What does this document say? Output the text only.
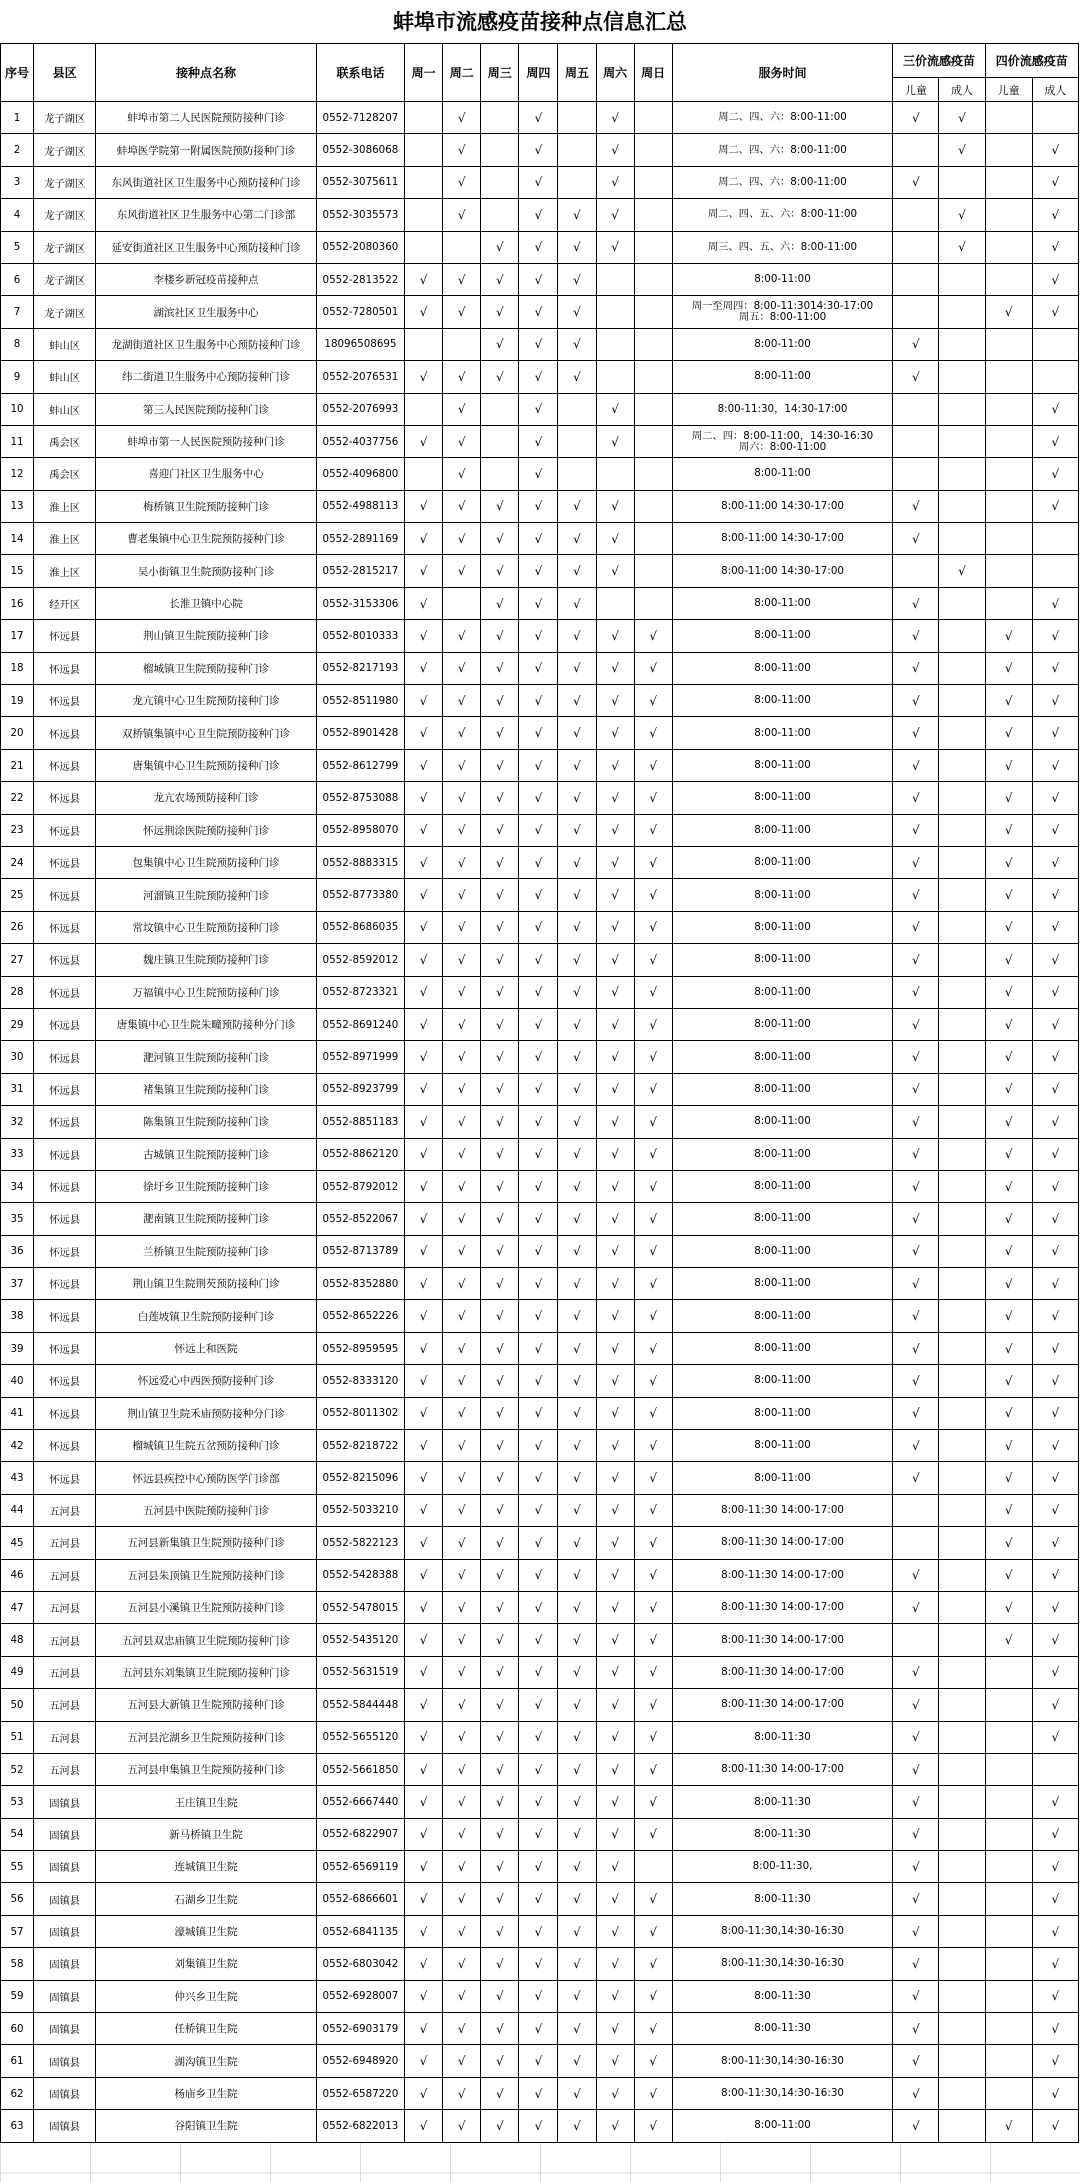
蚌埠市流感疫苗接种点信息汇总
序号	县区	接种点名称	联系电话	周一	周二	周三	周四	周五	周六	周日	服务时间	三价流感疫苗		四价流感疫苗	
												儿童	成人	儿童	成人
1	龙子湖区	蚌埠市第二人民医院预防接种门诊	0552-7128207		√		√		√		周二、四、六：8:00-11:00	√	√		
2	龙子湖区	蚌埠医学院第一附属医院预防接种门诊	0552-3086068		√		√		√		周二、四、六：8:00-11:00		√		√
3	龙子湖区	东风街道社区卫生服务中心预防接种门诊	0552-3075611		√		√		√		周二、四、六：8:00-11:00	√			√
4	龙子湖区	东风街道社区卫生服务中心第二门诊部	0552-3035573		√		√	√	√		周二、四、五、六：8:00-11:00		√		√
5	龙子湖区	延安街道社区卫生服务中心预防接种门诊	0552-2080360			√	√	√	√		周三、四、五、六：8:00-11:00		√		√
6	龙子湖区	李楼乡新冠疫苗接种点	0552-2813522	√	√	√	√	√			8:00-11:00				√
7	龙子湖区	湖滨社区卫生服务中心	0552-7280501	√	√	√	√	√			周一至周四：8:00-11:3014:30-17:00
周五：8:00-11:00			√	√
8	蚌山区	龙湖街道社区卫生服务中心预防接种门诊	18096508695			√	√	√			8:00-11:00	√			
9	蚌山区	纬二街道卫生服务中心预防接种门诊	0552-2076531	√	√	√	√	√			8:00-11:00	√			
10	蚌山区	第三人民医院预防接种门诊	0552-2076993		√		√		√		8:00-11:30，14:30-17:00				√
11	禹会区	蚌埠市第一人民医院预防接种门诊	0552-4037756	√	√		√		√		周二、四：8:00-11:00，14:30-16:30
周六：8:00-11:00				√
12	禹会区	喜迎门社区卫生服务中心	0552-4096800		√		√				8:00-11:00				√
13	淮上区	梅桥镇卫生院预防接种门诊	0552-4988113	√	√	√	√	√	√		8:00-11:00 14:30-17:00	√			√
14	淮上区	曹老集镇中心卫生院预防接种门诊	0552-2891169	√	√	√	√	√	√		8:00-11:00 14:30-17:00	√			
15	淮上区	吴小街镇卫生院预防接种门诊	0552-2815217	√	√	√	√	√	√		8:00-11:00 14:30-17:00		√		
16	经开区	长淮卫镇中心院	0552-3153306	√		√	√	√			8:00-11:00	√			√
17	怀远县	荆山镇卫生院预防接种门诊	0552-8010333	√	√	√	√	√	√	√	8:00-11:00	√		√	√
18	怀远县	榴城镇卫生院预防接种门诊	0552-8217193	√	√	√	√	√	√	√	8:00-11:00	√		√	√
19	怀远县	龙亢镇中心卫生院预防接种门诊	0552-8511980	√	√	√	√	√	√	√	8:00-11:00	√		√	√
20	怀远县	双桥镇集镇中心卫生院预防接种门诊	0552-8901428	√	√	√	√	√	√	√	8:00-11:00	√		√	√
21	怀远县	唐集镇中心卫生院预防接种门诊	0552-8612799	√	√	√	√	√	√	√	8:00-11:00	√		√	√
22	怀远县	龙亢农场预防接种门诊	0552-8753088	√	√	√	√	√	√	√	8:00-11:00	√		√	√
23	怀远县	怀远荆涂医院预防接种门诊	0552-8958070	√	√	√	√	√	√	√	8:00-11:00	√		√	√
24	怀远县	包集镇中心卫生院预防接种门诊	0552-8883315	√	√	√	√	√	√	√	8:00-11:00	√		√	√
25	怀远县	河溜镇卫生院预防接种门诊	0552-8773380	√	√	√	√	√	√	√	8:00-11:00	√		√	√
26	怀远县	常坟镇中心卫生院预防接种门诊	0552-8686035	√	√	√	√	√	√	√	8:00-11:00	√		√	√
27	怀远县	魏庄镇卫生院预防接种门诊	0552-8592012	√	√	√	√	√	√	√	8:00-11:00	√		√	√
28	怀远县	万福镇中心卫生院预防接种门诊	0552-8723321	√	√	√	√	√	√	√	8:00-11:00	√		√	√
29	怀远县	唐集镇中心卫生院朱疃预防接种分门诊	0552-8691240	√	√	√	√	√	√	√	8:00-11:00	√		√	√
30	怀远县	淝河镇卫生院预防接种门诊	0552-8971999	√	√	√	√	√	√	√	8:00-11:00	√		√	√
31	怀远县	褚集镇卫生院预防接种门诊	0552-8923799	√	√	√	√	√	√	√	8:00-11:00	√		√	√
32	怀远县	陈集镇卫生院预防接种门诊	0552-8851183	√	√	√	√	√	√	√	8:00-11:00	√		√	√
33	怀远县	古城镇卫生院预防接种门诊	0552-8862120	√	√	√	√	√	√	√	8:00-11:00	√		√	√
34	怀远县	徐圩乡卫生院预防接种门诊	0552-8792012	√	√	√	√	√	√	√	8:00-11:00	√		√	√
35	怀远县	淝南镇卫生院预防接种门诊	0552-8522067	√	√	√	√	√	√	√	8:00-11:00	√		√	√
36	怀远县	兰桥镇卫生院预防接种门诊	0552-8713789	√	√	√	√	√	√	√	8:00-11:00	√		√	√
37	怀远县	荆山镇卫生院荆芡预防接种门诊	0552-8352880	√	√	√	√	√	√	√	8:00-11:00	√		√	√
38	怀远县	白莲坡镇卫生院预防接种门诊	0552-8652226	√	√	√	√	√	√	√	8:00-11:00	√		√	√
39	怀远县	怀远上和医院	0552-8959595	√	√	√	√	√	√	√	8:00-11:00	√		√	√
40	怀远县	怀远爱心中西医预防接种门诊	0552-8333120	√	√	√	√	√	√	√	8:00-11:00	√		√	√
41	怀远县	荆山镇卫生院禾庙预防接种分门诊	0552-8011302	√	√	√	√	√	√	√	8:00-11:00	√		√	√
42	怀远县	榴城镇卫生院五岔预防接种门诊	0552-8218722	√	√	√	√	√	√	√	8:00-11:00	√		√	√
43	怀远县	怀远县疾控中心预防医学门诊部	0552-8215096	√	√	√	√	√	√	√	8:00-11:00	√		√	√
44	五河县	五河县中医院预防接种门诊	0552-5033210	√	√	√	√	√	√	√	8:00-11:30 14:00-17:00			√	√
45	五河县	五河县新集镇卫生院预防接种门诊	0552-5822123	√	√	√	√	√	√	√	8:00-11:30 14:00-17:00			√	√
46	五河县	五河县朱顶镇卫生院预防接种门诊	0552-5428388	√	√	√	√	√	√	√	8:00-11:30 14:00-17:00	√		√	√
47	五河县	五河县小溪镇卫生院预防接种门诊	0552-5478015	√	√	√	√	√	√	√	8:00-11:30 14:00-17:00	√		√	√
48	五河县	五河县双忠庙镇卫生院预防接种门诊	0552-5435120	√	√	√	√	√	√	√	8:00-11:30 14:00-17:00			√	√
49	五河县	五河县东刘集镇卫生院预防接种门诊	0552-5631519	√	√	√	√	√	√	√	8:00-11:30 14:00-17:00	√			√
50	五河县	五河县大新镇卫生院预防接种门诊	0552-5844448	√	√	√	√	√	√	√	8:00-11:30 14:00-17:00	√			√
51	五河县	五河县沱湖乡卫生院预防接种门诊	0552-5655120	√	√	√	√	√	√	√	8:00-11:30	√			√
52	五河县	五河县申集镇卫生院预防接种门诊	0552-5661850	√	√	√	√	√	√	√	8:00-11:30 14:00-17:00	√			
53	固镇县	王庄镇卫生院	0552-6667440	√	√	√	√	√	√	√	8:00-11:30	√			√
54	固镇县	新马桥镇卫生院	0552-6822907	√	√	√	√	√	√	√	8:00-11:30	√			√
55	固镇县	连城镇卫生院	0552-6569119	√	√	√	√	√	√		8:00-11:30,	√			√
56	固镇县	石湖乡卫生院	0552-6866601	√	√	√	√	√	√	√	8:00-11:30	√			√
57	固镇县	濠城镇卫生院	0552-6841135	√	√	√	√	√	√	√	8:00-11:30,14:30-16:30	√			√
58	固镇县	刘集镇卫生院	0552-6803042	√	√	√	√	√	√	√	8:00-11:30,14:30-16:30	√			√
59	固镇县	仲兴乡卫生院	0552-6928007	√	√	√	√	√	√	√	8:00-11:30	√			√
60	固镇县	任桥镇卫生院	0552-6903179	√	√	√	√	√	√	√	8:00-11:30	√			√
61	固镇县	湖沟镇卫生院	0552-6948920	√	√	√	√	√	√	√	8:00-11:30,14:30-16:30	√			√
62	固镇县	杨庙乡卫生院	0552-6587220	√	√	√	√	√	√	√	8:00-11:30,14:30-16:30	√			√
63	固镇县	谷阳镇卫生院	0552-6822013	√	√	√	√	√	√	√	8:00-11:00	√		√	√
